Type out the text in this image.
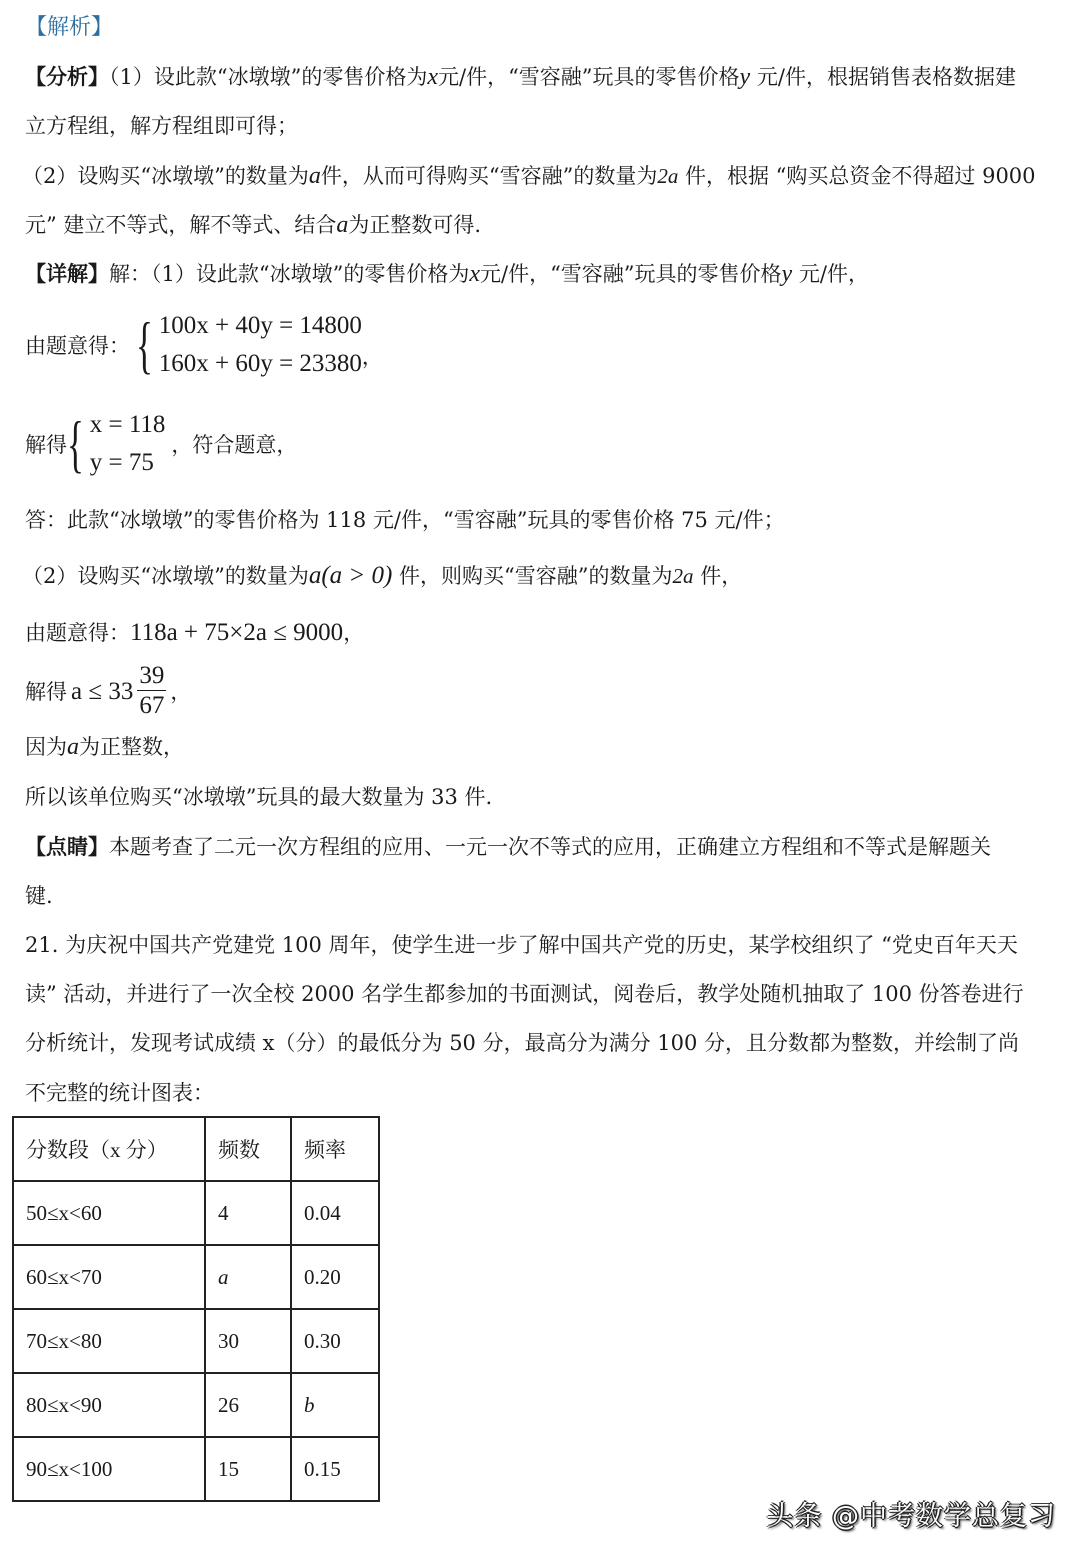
【解析】
【分析】（1）设此款“冰墩墩”的零售价格为x元/件，“雪容融”玩具的零售价格y 元/件，根据销售表格数据建
立方程组，解方程组即可得；
（2）设购买“冰墩墩”的数量为a件，从而可得购买“雪容融”的数量为2a 件，根据 “购买总资金不得超过 9000
元” 建立不等式，解不等式、结合a为正整数可得.
【详解】解：（1）设此款“冰墩墩”的零售价格为x元/件，“雪容融”玩具的零售价格y 元/件，
由题意得： { 100x + 40y = 14800
160x + 60y = 23380 ，
解得 { x = 118
y = 75
，符合题意，
答：此款“冰墩墩”的零售价格为 118 元/件，“雪容融”玩具的零售价格 75 元/件；
（2）设购买“冰墩墩”的数量为a(a > 0) 件，则购买“雪容融”的数量为2a 件，
由题意得：118a + 75×2a ≤ 9000，
解得 $a \le 33 \frac{39}{67}$ ，
因为a为正整数，
所以该单位购买“冰墩墩”玩具的最大数量为 33 件.
【点睛】本题考查了二元一次方程组的应用、一元一次不等式的应用，正确建立方程组和不等式是解题关
键.
21. 为庆祝中国共产党建党 100 周年，使学生进一步了解中国共产党的历史，某学校组织了 “党史百年天天
读” 活动，并进行了一次全校 2000 名学生都参加的书面测试，阅卷后，教学处随机抽取了 100 份答卷进行
分析统计，发现考试成绩 x（分）的最低分为 50 分，最高分为满分 100 分，且分数都为整数，并绘制了尚
不完整的统计图表：
分数段（x 分）	频数	频率
50≤x<60	4	0.04
60≤x<70	a	0.20
70≤x<80	30	0.30
80≤x<90	26	b
90≤x<100	15	0.15
头条 @中考数学总复习
